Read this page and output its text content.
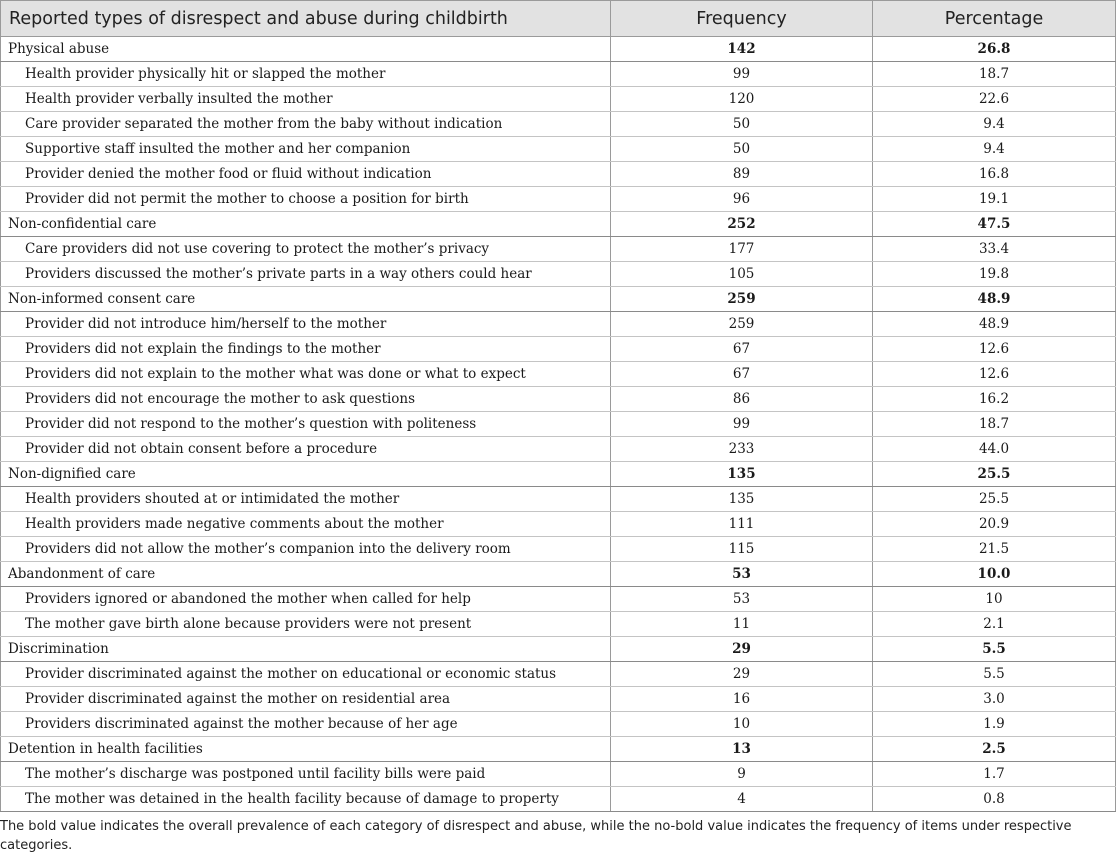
Reported types of disrespect and abuse during childbirth	Frequency	Percentage
Physical abuse	142	26.8
Health provider physically hit or slapped the mother	99	18.7
Health provider verbally insulted the mother	120	22.6
Care provider separated the mother from the baby without indication	50	9.4
Supportive staff insulted the mother and her companion	50	9.4
Provider denied the mother food or fluid without indication	89	16.8
Provider did not permit the mother to choose a position for birth	96	19.1
Non-confidential care	252	47.5
Care providers did not use covering to protect the mother’s privacy	177	33.4
Providers discussed the mother’s private parts in a way others could hear	105	19.8
Non-informed consent care	259	48.9
Provider did not introduce him/herself to the mother	259	48.9
Providers did not explain the findings to the mother	67	12.6
Providers did not explain to the mother what was done or what to expect	67	12.6
Providers did not encourage the mother to ask questions	86	16.2
Provider did not respond to the mother’s question with politeness	99	18.7
Provider did not obtain consent before a procedure	233	44.0
Non-dignified care	135	25.5
Health providers shouted at or intimidated the mother	135	25.5
Health providers made negative comments about the mother	111	20.9
Providers did not allow the mother’s companion into the delivery room	115	21.5
Abandonment of care	53	10.0
Providers ignored or abandoned the mother when called for help	53	10
The mother gave birth alone because providers were not present	11	2.1
Discrimination	29	5.5
Provider discriminated against the mother on educational or economic status	29	5.5
Provider discriminated against the mother on residential area	16	3.0
Providers discriminated against the mother because of her age	10	1.9
Detention in health facilities	13	2.5
The mother’s discharge was postponed until facility bills were paid	9	1.7
The mother was detained in the health facility because of damage to property	4	0.8
The bold value indicates the overall prevalence of each category of disrespect and abuse, while the no-bold value indicates the frequency of items under respective categories.
